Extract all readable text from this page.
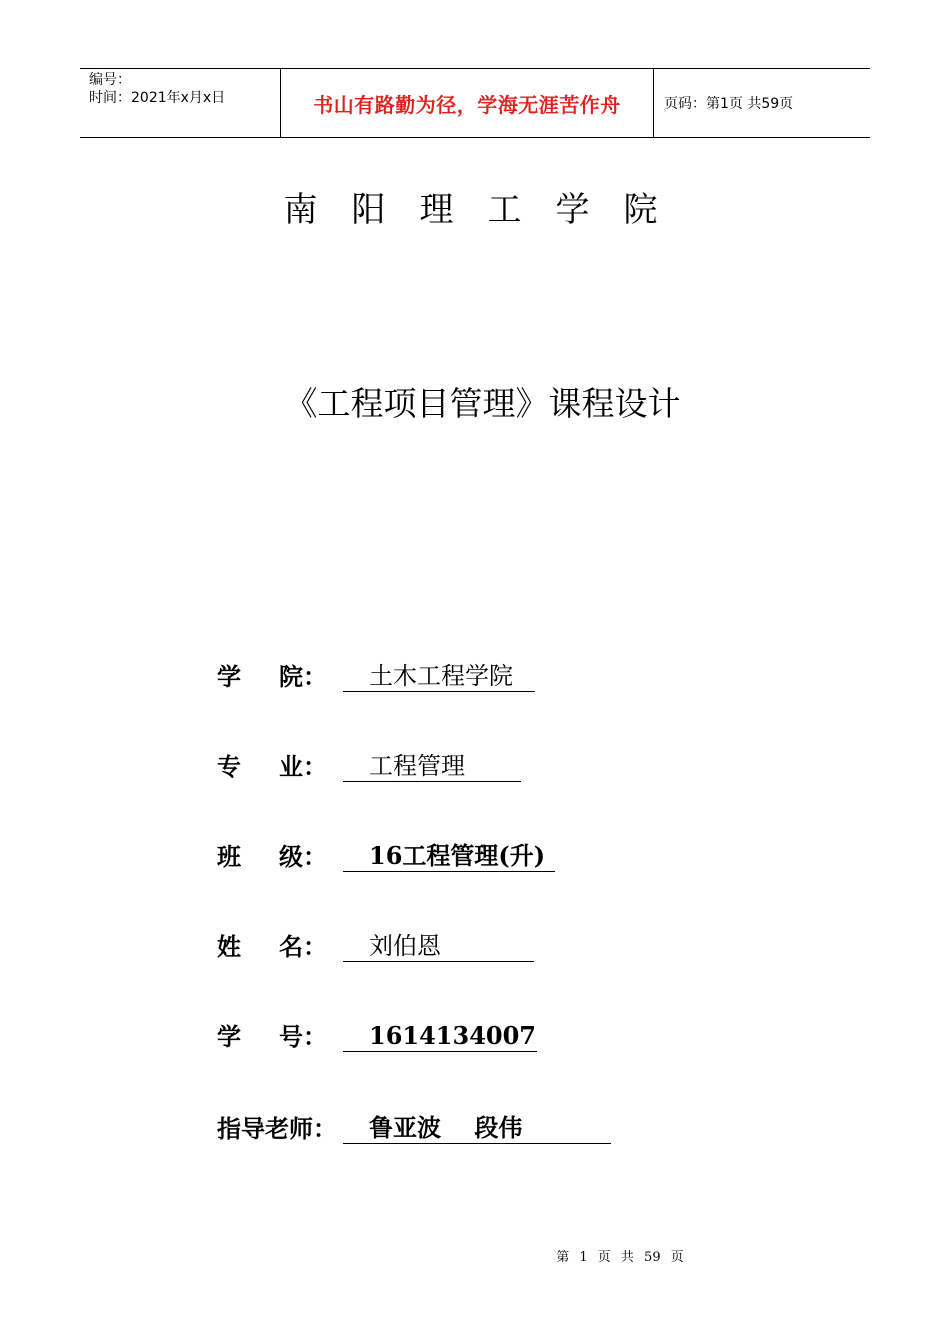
编号：
时间：2021年x月x日	书山有路勤为径，学海无涯苦作舟	页码：第1页 共59页
南阳理工学院
《工程项目管理》课程设计
学 院：	土木工程学院
专 业：	工程管理
班 级：	16工程管理(升)
姓 名：	刘伯恩
学 号：	1614134007
指导老师：	鲁亚波    段伟
第 1 页 共 59 页
